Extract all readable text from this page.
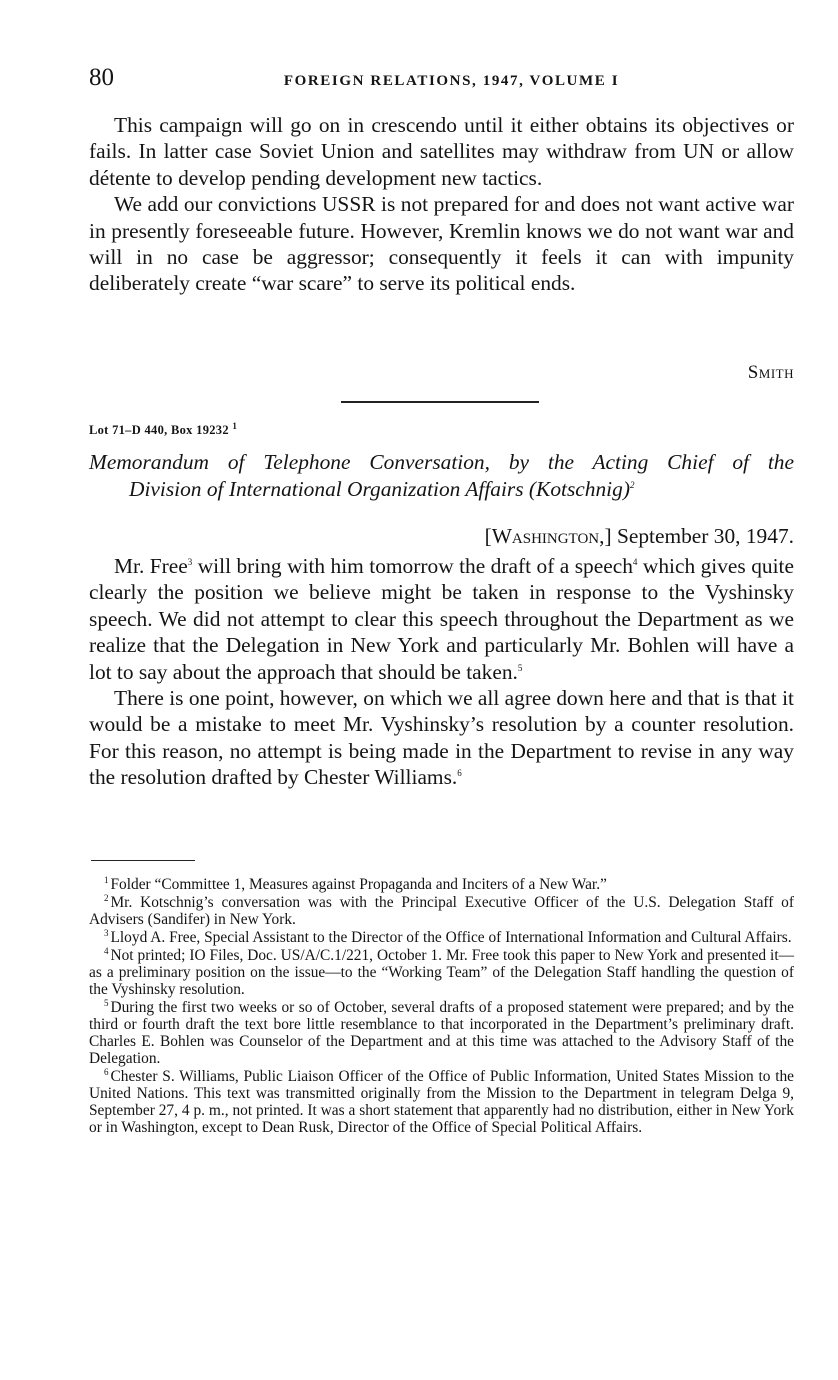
80	FOREIGN RELATIONS, 1947, VOLUME I

This campaign will go on in crescendo until it either obtains its objectives or fails. In latter case Soviet Union and satellites may withdraw from UN or allow détente to develop pending development new tactics.

We add our convictions USSR is not prepared for and does not want active war in presently foreseeable future. However, Kremlin knows we do not want war and will in no case be aggressor; consequently it feels it can with impunity deliberately create “war scare” to serve its political ends.

Smith
Lot 71–D 440, Box 19232 $^1$
Memorandum of Telephone Conversation, by the Acting Chief of the
Division of International Organization Affairs (Kotschnig)$^2$
[Washington,] September 30, 1947.

Mr. Free$^3$ will bring with him tomorrow the draft of a speech$^4$ which gives quite clearly the position we believe might be taken in response to the Vyshinsky speech. We did not attempt to clear this speech throughout the Department as we realize that the Delegation in New York and particularly Mr. Bohlen will have a lot to say about the approach that should be taken.$^5$

There is one point, however, on which we all agree down here and that is that it would be a mistake to meet Mr. Vyshinsky’s resolution by a counter resolution. For this reason, no attempt is being made in the Department to revise in any way the resolution drafted by Chester Williams.$^6$

$^1$ Folder “Committee 1, Measures against Propaganda and Inciters of a New War.”

$^2$ Mr. Kotschnig’s conversation was with the Principal Executive Officer of the U.S. Delegation Staff of Advisers (Sandifer) in New York.

$^3$ Lloyd A. Free, Special Assistant to the Director of the Office of International Information and Cultural Affairs.

$^4$ Not printed; IO Files, Doc. US/A/C.1/221, October 1. Mr. Free took this paper to New York and presented it—as a preliminary position on the issue—to the “Working Team” of the Delegation Staff handling the question of the Vyshinsky resolution.

$^5$ During the first two weeks or so of October, several drafts of a proposed statement were prepared; and by the third or fourth draft the text bore little resemblance to that incorporated in the Department’s preliminary draft. Charles E. Bohlen was Counselor of the Department and at this time was attached to the Advisory Staff of the Delegation.

$^6$ Chester S. Williams, Public Liaison Officer of the Office of Public Information, United States Mission to the United Nations. This text was transmitted originally from the Mission to the Department in telegram Delga 9, September 27, 4 p. m., not printed. It was a short statement that apparently had no distribution, either in New York or in Washington, except to Dean Rusk, Director of the Office of Special Political Affairs.
